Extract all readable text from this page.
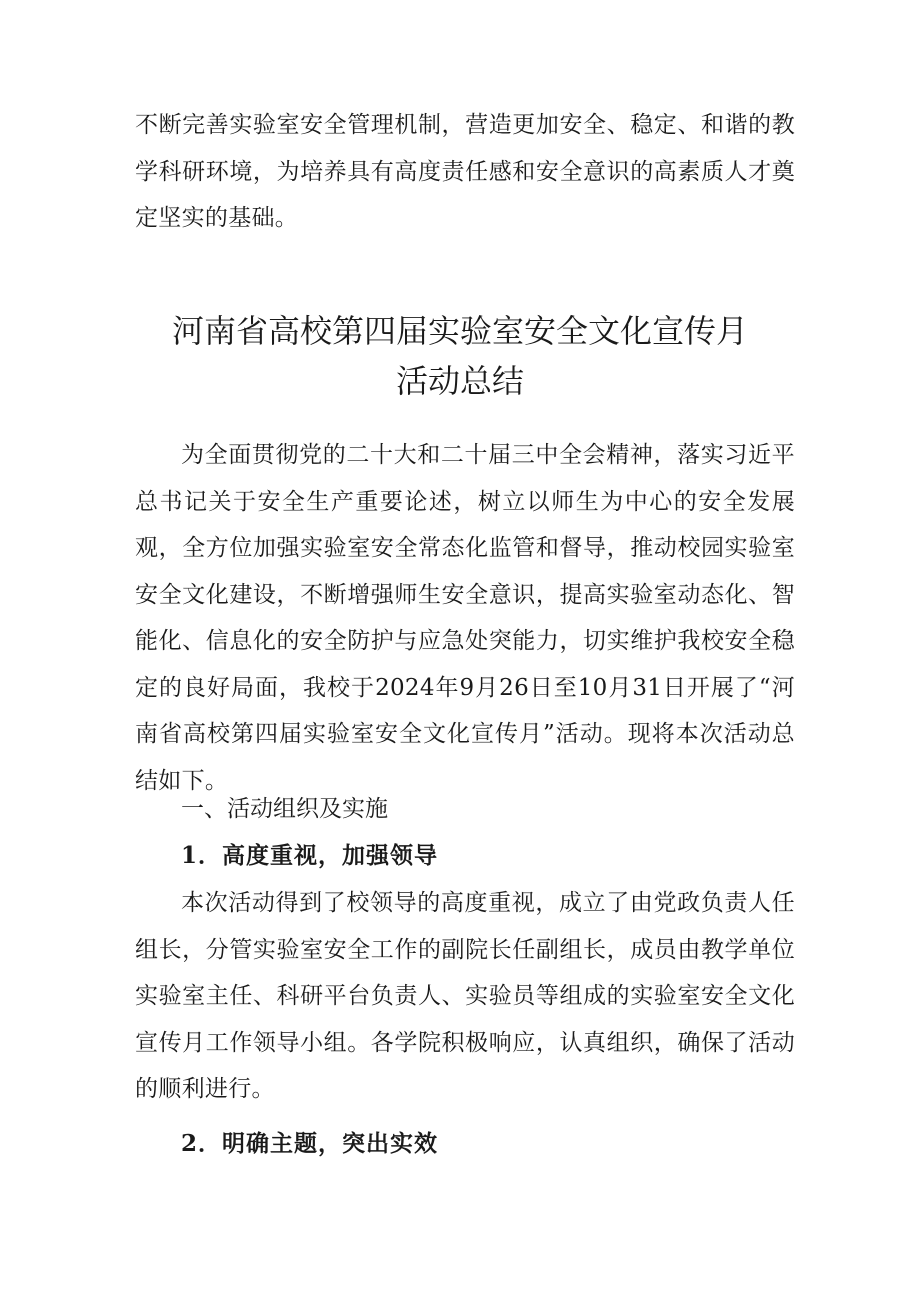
不断完善实验室安全管理机制，营造更加安全、稳定、和谐的教学科研环境，为培养具有高度责任感和安全意识的高素质人才奠定坚实的基础。

河南省高校第四届实验室安全文化宣传月
活动总结

为全面贯彻党的二十大和二十届三中全会精神，落实习近平总书记关于安全生产重要论述，树立以师生为中心的安全发展观，全方位加强实验室安全常态化监管和督导，推动校园实验室安全文化建设，不断增强师生安全意识，提高实验室动态化、智能化、信息化的安全防护与应急处突能力，切实维护我校安全稳定的良好局面，我校于2024年9月26日至10月31日开展了“河南省高校第四届实验室安全文化宣传月”活动。现将本次活动总结如下。

一、活动组织及实施
1．高度重视，加强领导

本次活动得到了校领导的高度重视，成立了由党政负责人任组长，分管实验室安全工作的副院长任副组长，成员由教学单位实验室主任、科研平台负责人、实验员等组成的实验室安全文化宣传月工作领导小组。各学院积极响应，认真组织，确保了活动的顺利进行。

2．明确主题，突出实效
